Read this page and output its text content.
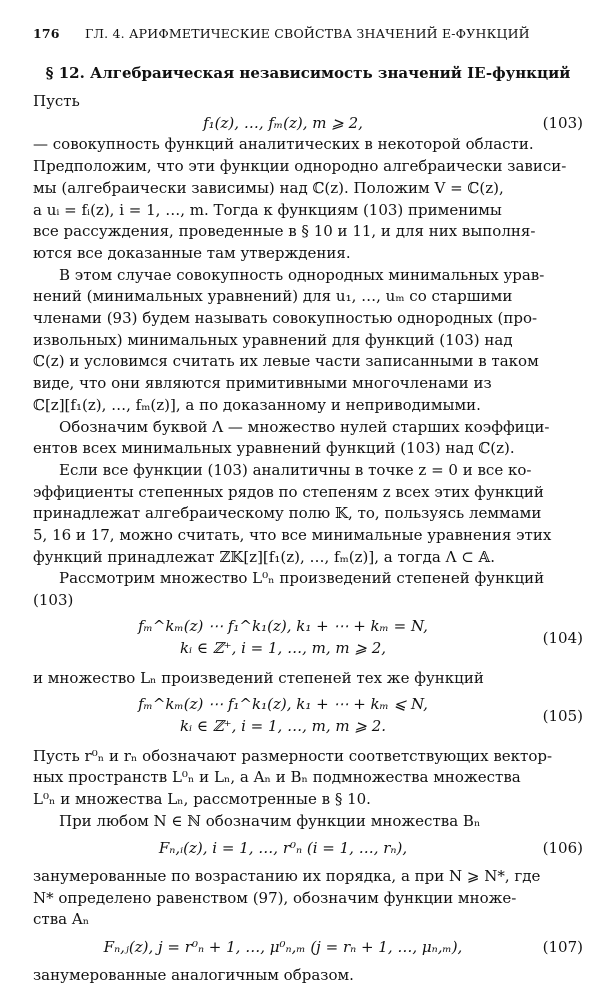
176	ГЛ. 4. АРИФМЕТИЧЕСКИЕ СВОЙСТВА ЗНАЧЕНИЙ Е-ФУНКЦИЙ
§ 12. Алгебраическая независимость значений IE-функций

Пусть

f₁(z), …, fₘ(z), m ⩾ 2,	(103)

— совокупность функций аналитических в некоторой области.

Предположим, что эти функции однородно алгебраически зависи-

мы (алгебраически зависимы) над ℂ(z). Положим V = ℂ(z),

a uᵢ = fᵢ(z), i = 1, …, m. Тогда к функциям (103) применимы

все рассуждения, проведенные в § 10 и 11, и для них выполня-

ются все доказанные там утверждения.

В этом случае совокупность однородных минимальных урав-

нений (минимальных уравнений) для u₁, …, uₘ со старшими

членами (93) будем называть совокупностью однородных (про-

извольных) минимальных уравнений для функций (103) над

ℂ(z) и условимся считать их левые части записанными в таком

виде, что они являются примитивными многочленами из

ℂ[z][f₁(z), …, fₘ(z)], а по доказанному и неприводимыми.

Обозначим буквой Λ — множество нулей старших коэффици-

ентов всех минимальных уравнений функций (103) над ℂ(z).

Если все функции (103) аналитичны в точке z = 0 и все ко-

эффициенты степенных рядов по степеням z всех этих функций

принадлежат алгебраическому полю 𝕂, то, пользуясь леммами

5, 16 и 17, можно считать, что все минимальные уравнения этих

функций принадлежат ℤ𝕂[z][f₁(z), …, fₘ(z)], а тогда Λ ⊂ 𝔸.

Рассмотрим множество L⁰ₙ произведений степеней функций

(103)

fₘ^kₘ(z) ⋯ f₁^k₁(z), k₁ + ⋯ + kₘ = N,
kᵢ ∈ ℤ⁺, i = 1, …, m, m ⩾ 2,
(104)

и множество Lₙ произведений степеней тех же функций

fₘ^kₘ(z) ⋯ f₁^k₁(z), k₁ + ⋯ + kₘ ⩽ N,
kᵢ ∈ ℤ⁺, i = 1, …, m, m ⩾ 2.
(105)

Пусть r⁰ₙ и rₙ обозначают размерности соответствующих вектор-

ных пространств L⁰ₙ и Lₙ, а Aₙ и Bₙ подмножества множества

L⁰ₙ и множества Lₙ, рассмотренные в § 10.

При любом N ∈ ℕ обозначим функции множества Bₙ

Fₙ,ᵢ(z), i = 1, …, r⁰ₙ (i = 1, …, rₙ),	(106)

занумерованные по возрастанию их порядка, а при N ⩾ N*, где

N* определено равенством (97), обозначим функции множе-

ства Aₙ

Fₙ,ⱼ(z), j = r⁰ₙ + 1, …, μ⁰ₙ,ₘ (j = rₙ + 1, …, μₙ,ₘ),	(107)

занумерованные аналогичным образом.
